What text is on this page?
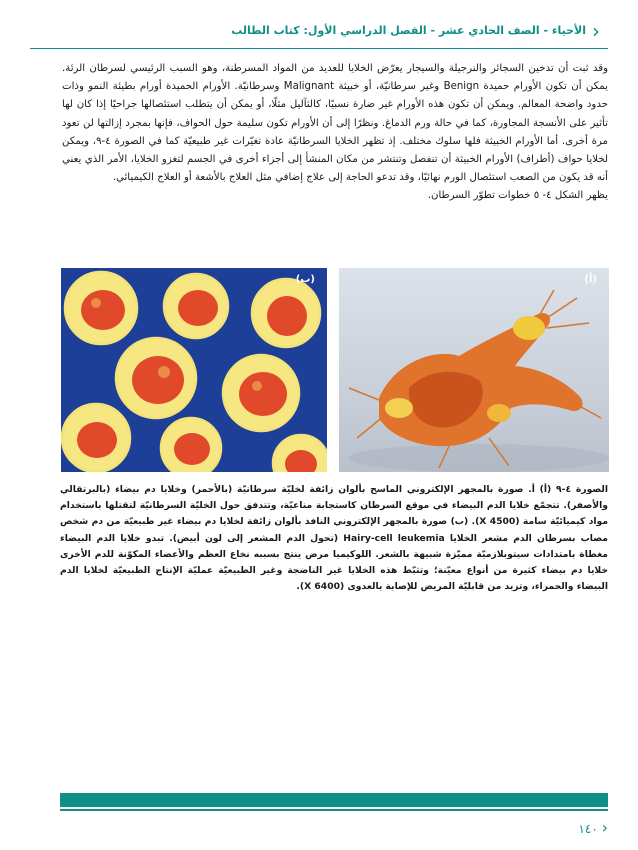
›
الأحياء - الصف الحادي عشر - الفصل الدراسي الأول: كتاب الطالب

وقد ثبت أن تدخين السجائر والنرجيلة والسيجار يعرّض الخلايا للعديد من المواد المسرطنة، وهو السبب الرئيسي لسرطان الرئة. يمكن أن تكون الأورام حميدة Benign وغير سرطانيّة، أو خبيثة Malignant وسرطانيّة. الأورام الحميدة أورام بطيئة النمو وذات حدود واضحة المعالم. ويمكن أن تكون هذه الأورام غير ضارة نسبيًا، كالثآليل مثلًا، أو يمكن أن يتطلب استئصالها جراحيًا إذا كان لها تأثير على الأنسجة المجاورة، كما في حالة ورم الدماغ. ونظرًا إلى أن الأورام تكون سليمة حول الحواف، فإنها بمجرد إزالتها لن تعود مرة أخرى. أما الأورام الخبيثة فلها سلوك مختلف. إذ تظهر الخلايا السرطانيّة عادة تغيّرات غير طبيعيّة كما في الصورة ٤-٩، ويمكن لخلايا حواف (أطراف) الأورام الخبيثة أن تنفصل وتنتشر من مكان المنشأ إلى أجزاء أخرى في الجسم لتغزو الخلايا، الأمر الذي يعني أنه قد يكون من الصعب استئصال الورم نهائيًا، وقد تدعو الحاجة إلى علاج إضافي مثل العلاج بالأشعة أو العلاج الكيميائي.

يظهر الشكل ٤- ٥ خطوات تطوّر السرطان.

(أ)
(ب)

الصورة ٤-٩ (أ) أ. صورة بالمجهر الإلكتروني الماسح بألوان زائفة لخليّة سرطانيّة (بالأحمر) وخلايا دم بيضاء (بالبرتقالي والأصفر). تتجمّع خلايا الدم البيضاء في موقع السرطان كاستجابة مناعيّة، وتتدفق حول الخليّة السرطانيّة لتقتلها باستخدام مواد كيميائيّة سامة (X 4500). (ب) صورة بالمجهر الإلكتروني النافذ بألوان زائفة لخلايا دم بيضاء غير طبيعيّة من دم شخص مصاب بسرطان الدم مشعر الخلايا Hairy-cell leukemia (تحول الدم المشعر إلى لون أبيض). تبدو خلايا الدم البيضاء مغطاة بامتدادات سيتوبلازميّة مميّزة شبيهة بالشعر. اللوكيميا مرض ينتج بسببه نخاع العظم والأعضاء المكوّنة للدم الأخرى خلايا دم بيضاء كثيرة من أنواع معيّنة؛ وتثبّط هذه الخلايا غير الناضجة وغير الطبيعيّة عمليّة الإنتاج الطبيعيّة لخلايا الدم البيضاء والحمراء، وتزيد من قابليّة المريض للإصابة بالعدوى (X 6400).

‹ ١٤٠
